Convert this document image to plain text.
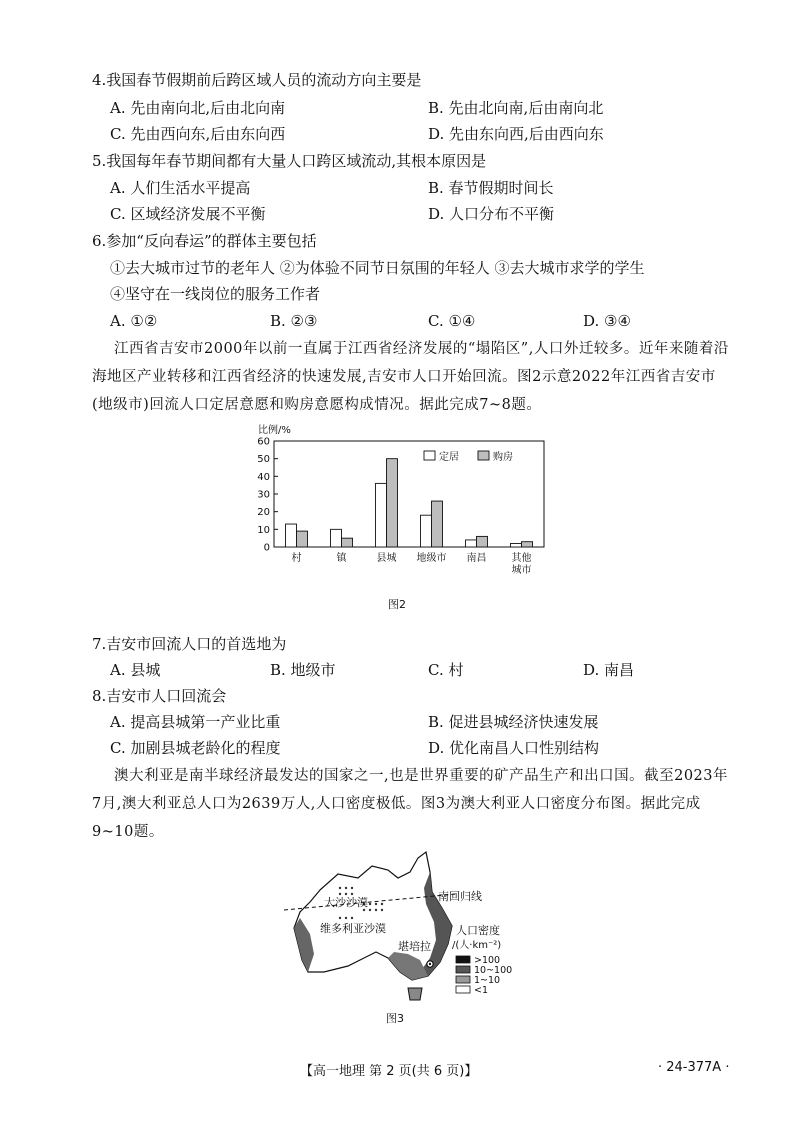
4.我国春节假期前后跨区域人员的流动方向主要是
A. 先由南向北,后由北向南	B. 先由北向南,后由南向北
C. 先由西向东,后由东向西	D. 先由东向西,后由西向东
5.我国每年春节期间都有大量人口跨区域流动,其根本原因是
A. 人们生活水平提高	B. 春节假期时间长
C. 区域经济发展不平衡	D. 人口分布不平衡
6.参加“反向春运”的群体主要包括
①去大城市过节的老年人 ②为体验不同节日氛围的年轻人 ③去大城市求学的学生
④坚守在一线岗位的服务工作者
A. ①②	B. ②③	C. ①④	D. ③④
江西省吉安市2000年以前一直属于江西省经济发展的“塌陷区”,人口外迁较多。近年来随着沿海地区产业转移和江西省经济的快速发展,吉安市人口开始回流。图2示意2022年江西省吉安市(地级市)回流人口定居意愿和购房意愿构成情况。据此完成7~8题。
比例/%
0
10
20
30
40
50
60
村	镇	县城 地级市 南昌	其他
城市
定居	购房
图2
7.吉安市回流人口的首选地为
A. 县城	B. 地级市	C. 村	D. 南昌
8.吉安市人口回流会
A. 提高县城第一产业比重	B. 促进县城经济快速发展
C. 加剧县城老龄化的程度	D. 优化南昌人口性别结构
澳大利亚是南半球经济最发达的国家之一,也是世界重要的矿产品生产和出口国。截至2023年7月,澳大利亚总人口为2639万人,人口密度极低。图3为澳大利亚人口密度分布图。据此完成9~10题。
大沙沙漠
维多利亚沙漠
南回归线
堪培拉
人口密度
/(人·km⁻²)
>100
10~100
1~10
<1
图3
【高一地理 第 2 页(共 6 页)】	· 24-377A ·
